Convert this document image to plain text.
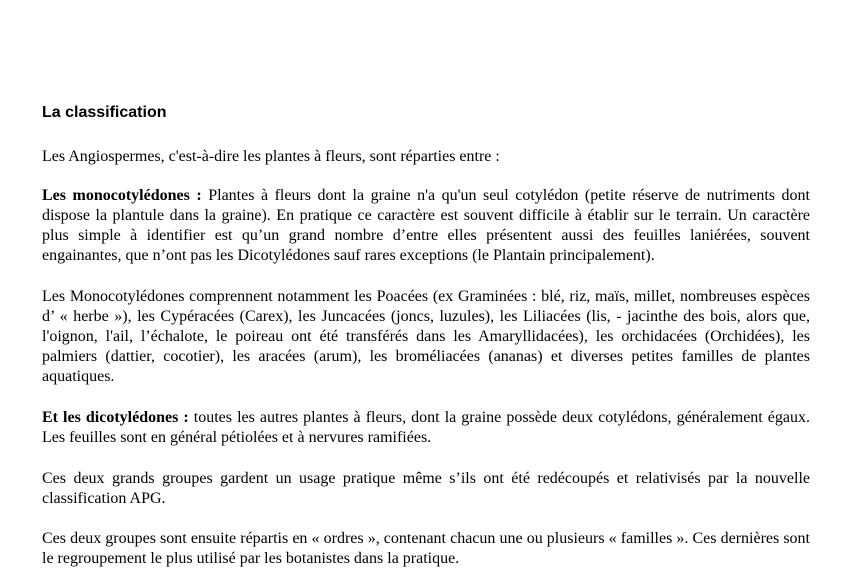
La classification

Les Angiospermes, c'est-à-dire les plantes à fleurs, sont réparties entre :

Les monocotylédones : Plantes à fleurs dont la graine n'a qu'un seul cotylédon (petite réserve de nutriments dont dispose la plantule dans la graine). En pratique ce caractère est souvent difficile à établir sur le terrain. Un caractère plus simple à identifier est qu’un grand nombre d’entre elles présentent aussi des feuilles laniérées, souvent engainantes, que n’ont pas les Dicotylédones sauf rares exceptions (le Plantain principalement).

Les Monocotylédones comprennent notamment les Poacées (ex Graminées : blé, riz, maïs, millet, nombreuses espèces d’ « herbe »), les Cypéracées (Carex), les Juncacées (joncs, luzules), les Liliacées (lis, - jacinthe des bois, alors que, l'oignon, l'ail, l’échalote, le poireau ont été transférés dans les Amaryllidacées), les orchidacées (Orchidées), les palmiers (dattier, cocotier), les aracées (arum), les broméliacées (ananas) et diverses petites familles de plantes aquatiques.

Et les dicotylédones : toutes les autres plantes à fleurs, dont la graine possède deux cotylédons, généralement égaux. Les feuilles sont en général pétiolées et à nervures ramifiées.

Ces deux grands groupes gardent un usage pratique même s’ils ont été redécoupés et relativisés par la nouvelle classification APG.

Ces deux groupes sont ensuite répartis en « ordres », contenant chacun une ou plusieurs « familles ». Ces dernières sont le regroupement le plus utilisé par les botanistes dans la pratique.
